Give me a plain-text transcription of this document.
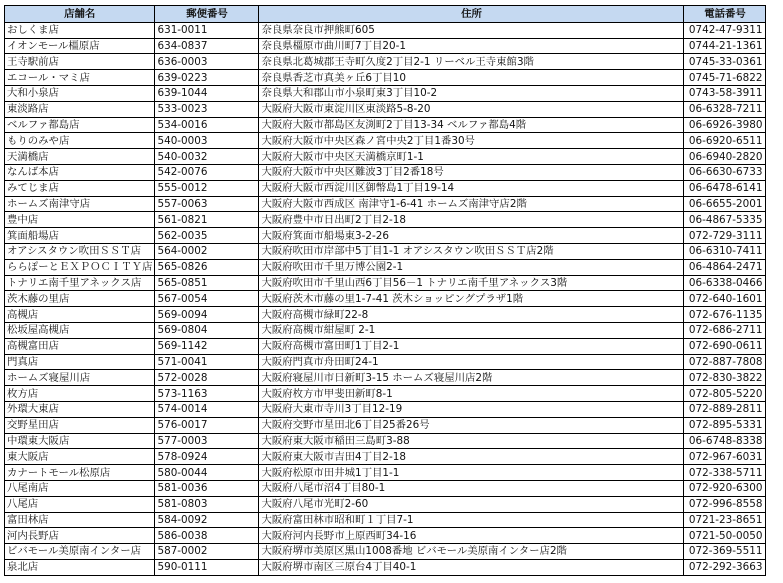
店舗名	郵便番号	住所	電話番号
おしくま店	631-0011	奈良県奈良市押熊町605	0742-47-9311
イオンモール橿原店	634-0837	奈良県橿原市曲川町7丁目20-1	0744-21-1361
王寺駅前店	636-0003	奈良県北葛城郡王寺町久度2丁目2-1 リーベル王寺東館3階	0745-33-0361
エコール・マミ店	639-0223	奈良県香芝市真美ヶ丘6丁目10	0745-71-6822
大和小泉店	639-1044	奈良県大和郡山市小泉町東3丁目10-2	0743-58-3911
東淡路店	533-0023	大阪府大阪市東淀川区東淡路5-8-20	06-6328-7211
ベルファ都島店	534-0016	大阪府大阪市都島区友渕町2丁目13-34 ベルファ都島4階	06-6926-3980
もりのみや店	540-0003	大阪府大阪市中央区森ノ宮中央2丁目1番30号	06-6920-6511
天満橋店	540-0032	大阪府大阪市中央区天満橋京町1-1	06-6940-2820
なんば本店	542-0076	大阪府大阪市中央区難波3丁目2番18号	06-6630-6733
みてじま店	555-0012	大阪府大阪市西淀川区御幣島1丁目19-14	06-6478-6141
ホームズ南津守店	557-0063	大阪府大阪市西成区 南津守1-6-41 ホームズ南津守店2階	06-6655-2001
豊中店	561-0821	大阪府豊中市日出町2丁目2-18	06-4867-5335
箕面船場店	562-0035	大阪府箕面市船場東3-2-26	072-729-3111
オアシスタウン吹田ＳＳＴ店	564-0002	大阪府吹田市岸部中5丁目1-1 オアシスタウン吹田ＳＳＴ店2階	06-6310-7411
ららぽーとＥＸＰＯＣＩＴＹ店	565-0826	大阪府吹田市千里万博公園2-1	06-4864-2471
トナリエ南千里アネックス店	565-0851	大阪府吹田市千里山西6丁目56－1 トナリエ南千里アネックス3階	06-6338-0466
茨木藤の里店	567-0054	大阪府茨木市藤の里1-7-41 茨木ショッピングプラザ1階	072-640-1601
高槻店	569-0094	大阪府高槻市緑町22-8	072-676-1135
松坂屋高槻店	569-0804	大阪府高槻市紺屋町 2-1	072-686-2711
高槻富田店	569-1142	大阪府高槻市富田町1丁目2-1	072-690-0611
門真店	571-0041	大阪府門真市舟田町24-1	072-887-7808
ホームズ寝屋川店	572-0028	大阪府寝屋川市日新町3-15 ホームズ寝屋川店2階	072-830-3822
枚方店	573-1163	大阪府枚方市甲斐田新町8-1	072-805-5220
外環大東店	574-0014	大阪府大東市寺川3丁目12-19	072-889-2811
交野星田店	576-0017	大阪府交野市星田北6丁目25番26号	072-895-5331
中環東大阪店	577-0003	大阪府東大阪市稲田三島町3-88	06-6748-8338
東大阪店	578-0924	大阪府東大阪市吉田4丁目2-18	072-967-6031
カナートモール松原店	580-0044	大阪府松原市田井城1丁目1-1	072-338-5711
八尾南店	581-0036	大阪府八尾市沼4丁目80-1	072-920-6300
八尾店	581-0803	大阪府八尾市光町2-60	072-996-8558
富田林店	584-0092	大阪府富田林市昭和町１丁目7-1	0721-23-8651
河内長野店	586-0038	大阪府河内長野市上原西町34-16	0721-50-0050
ビバモール美原南インター店	587-0002	大阪府堺市美原区黒山1008番地 ビバモール美原南インター店2階	072-369-5511
泉北店	590-0111	大阪府堺市南区三原台4丁目40-1	072-292-3663
